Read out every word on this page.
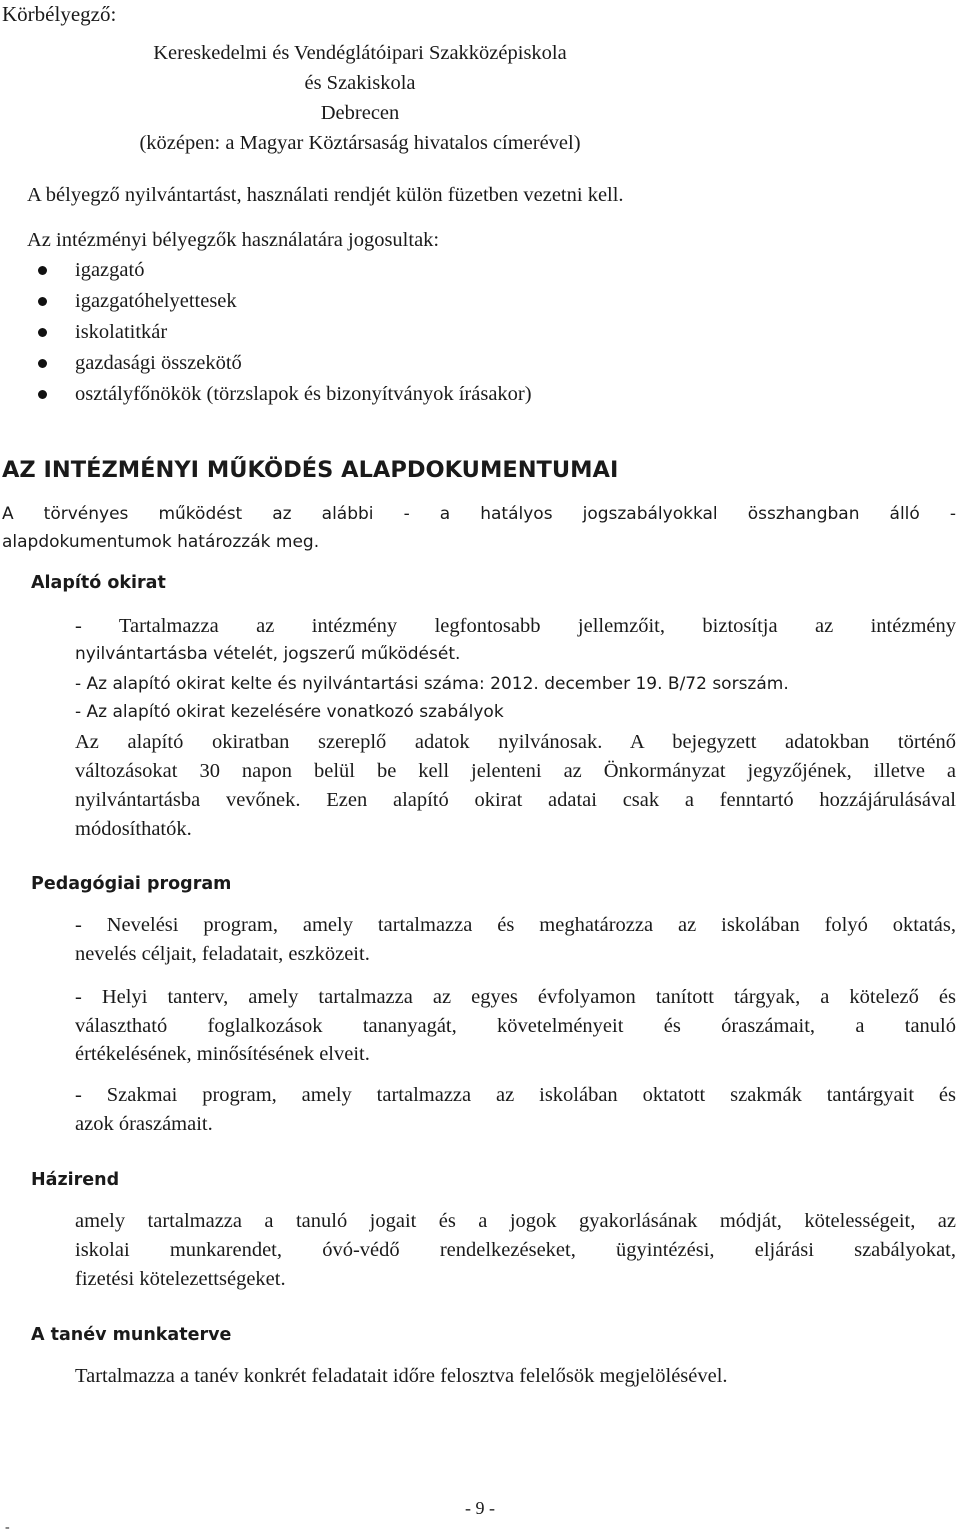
Körbélyegző:

Kereskedelmi és Vendéglátóipari Szakközépiskola
és Szakiskola
Debrecen
(középen: a Magyar Köztársaság hivatalos címerével)

A bélyegző nyilvántartást, használati rendjét külön füzetben vezetni kell.

Az intézményi bélyegzők használatára jogosultak:

igazgató
igazgatóhelyettesek
iskolatitkár
gazdasági összekötő
osztályfőnökök (törzslapok és bizonyítványok írásakor)
AZ INTÉZMÉNYI MŰKÖDÉS ALAPDOKUMENTUMAI
A törvényes működést az alábbi - a hatályos jogszabályokkal összhangban álló -
alapdokumentumok határozzák meg.
Alapító okirat
- Tartalmazza az intézmény legfontosabb jellemzőit, biztosítja az intézmény
nyilvántartásba vételét, jogszerű működését.
- Az alapító okirat kelte és nyilvántartási száma: 2012. december 19. B/72 sorszám.
- Az alapító okirat kezelésére vonatkozó szabályok
Az alapító okiratban szereplő adatok nyilvánosak. A bejegyzett adatokban történő
változásokat 30 napon belül be kell jelenteni az Önkormányzat jegyzőjének, illetve a
nyilvántartásba vevőnek. Ezen alapító okirat adatai csak a fenntartó hozzájárulásával
módosíthatók.
Pedagógiai program
- Nevelési program, amely tartalmazza és meghatározza az iskolában folyó oktatás,
nevelés céljait, feladatait, eszközeit.
- Helyi tanterv, amely tartalmazza az egyes évfolyamon tanított tárgyak, a kötelező és
választható foglalkozások tananyagát, követelményeit és óraszámait, a tanuló
értékelésének, minősítésének elveit.
- Szakmai program, amely tartalmazza az iskolában oktatott szakmák tantárgyait és
azok óraszámait.
Házirend
amely tartalmazza a tanuló jogait és a jogok gyakorlásának módját, kötelességeit, az
iskolai munkarendet, óvó-védő rendelkezéseket, ügyintézési, eljárási szabályokat,
fizetési kötelezettségeket.
A tanév munkaterve
Tartalmazza a tanév konkrét feladatait időre felosztva felelősök megjelölésével.
- 9 -
-
